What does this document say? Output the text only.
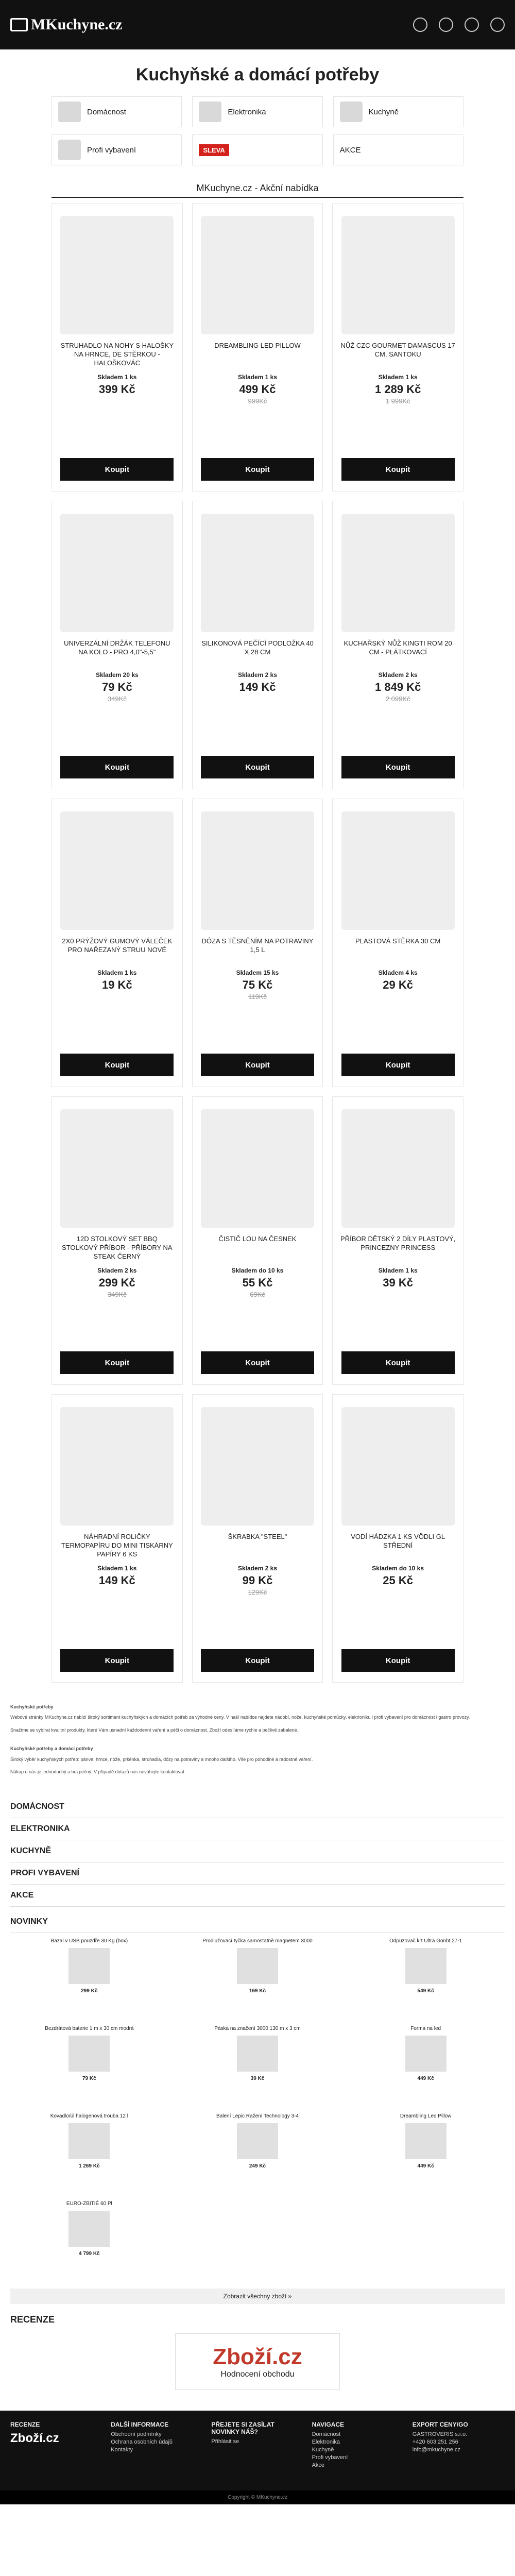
MKuchyne.cz
Kuchyňské a domácí potřeby
Domácnost	Elektronika	Kuchyně
Profi vybavení	SLEVA	AKCE
MKuchyne.cz - Akční nabídka
STRUHADLO NA NOHY S HALOŠKY NA HRNCE, DE STĚRKOU - HALOŠKOVÁC
Skladem 1 ks
399 Kč
Koupit
DREAMBLING LED PILLOW
Skladem 1 ks
499 Kč
999Kč
Koupit
NŮŽ CZC GOURMET DAMASCUS 17 CM, SANTOKU
Skladem 1 ks
1 289 Kč
1 999Kč
Koupit
UNIVERZÁLNÍ DRŽÁK TELEFONU NA KOLO - PRO 4,0"-5,5"
Skladem 20 ks
79 Kč
349Kč
Koupit
SILIKONOVÁ PEČÍCÍ PODLOŽKA 40 X 28 CM
Skladem 2 ks
149 Kč
Koupit
KUCHAŘSKÝ NŮŽ KINGTI ROM 20 CM - PLÁTKOVACÍ
Skladem 2 ks
1 849 Kč
2 099Kč
Koupit
2X0 PRÝŽOVÝ GUMOVÝ VÁLEČEK PRO NAŘEZANÝ STRUU NOVÉ
Skladem 1 ks
19 Kč
Koupit
DÓZA S TĚSNĚNÍM NA POTRAVINY 1,5 L
Skladem 15 ks
75 Kč
119Kč
Koupit
PLASTOVÁ STĚRKA 30 CM
Skladem 4 ks
29 Kč
Koupit
12D STOLKOVÝ SET BBQ STOLKOVÝ PŘÍBOR - PŘÍBORY NA STEAK ČERNÝ
Skladem 2 ks
299 Kč
349Kč
Koupit
ČISTIČ LOU NA ČESNEK
Skladem do 10 ks
55 Kč
69Kč
Koupit
PŘÍBOR DĚTSKÝ 2 DÍLY PLASTOVÝ, PRINCEZNY PRINCESS
Skladem 1 ks
39 Kč
Koupit
NÁHRADNÍ ROLIČKY TERMOPAPÍRU DO MINI TISKÁRNY PAPÍRY 6 KS
Skladem 1 ks
149 Kč
Koupit
ŠKRABKA "STEEL"
Skladem 2 ks
99 Kč
129Kč
Koupit
VODÍ HÁDZKA 1 KS VÖDLI GL STŘEDNÍ
Skladem do 10 ks
25 Kč
Koupit

Kuchyňské potřeby

Webové stránky MKuchyne.cz nabízí široký sortiment kuchyňských a domácích potřeb za výhodné ceny. V naší nabídce najdete nádobí, nože, kuchyňské pomůcky, elektroniku i profi vybavení pro domácnost i gastro provozy.

Snažíme se vybírat kvalitní produkty, které Vám usnadní každodenní vaření a péči o domácnost. Zboží odesíláme rychle a pečlivě zabalené.

Kuchyňské potřeby a domácí potřeby

Široký výběr kuchyňských potřeb: pánve, hrnce, nože, prkénka, struhadla, dózy na potraviny a mnoho dalšího. Vše pro pohodlné a radostné vaření.

Nákup u nás je jednoduchý a bezpečný. V případě dotazů nás neváhejte kontaktovat.

DOMÁCNOST
ELEKTRONIKA
KUCHYNĚ
PROFI VYBAVENÍ
AKCE
NOVINKY
Bazal v USB pouzdře 30 Kg (box)
299 Kč
Prodlužovací tyčka samostatně magnetem 3000
169 Kč
Odpuzovač krt Ultra Gonbt 27-1
549 Kč
Bezdrátová baterie 1 m x 30 cm modrá
79 Kč
Páska na značení 3000 130 m x 3 cm
39 Kč
Forma na led
449 Kč
Kovadlo/úl halogenová trouba 12 l
1 269 Kč
Balení Lepic Ražení Technology 3-4
249 Kč
Dreambling Led Pillow
449 Kč
EURO-ZBITIÉ 60 Pl
4 799 Kč
Zobrazit všechny zboží »
RECENZE
Zboží.cz
Hodnocení obchodu
RECENZE
Zboží.cz
DALŠÍ INFORMACE
Obchodní podmínky
Ochrana osobních údajů
Kontakty
PŘEJETE SI ZASÍLAT NOVINKY NÁŠ?
Přihlásit se
NAVIGACE
Domácnost
Elektronika
Kuchyně
Profi vybavení
Akce
EXPORT CENY/GO
GASTROVERIS s.r.o.
+420 603 251 256
info@mkuchyne.cz
Copyright © MKuchyne.cz
